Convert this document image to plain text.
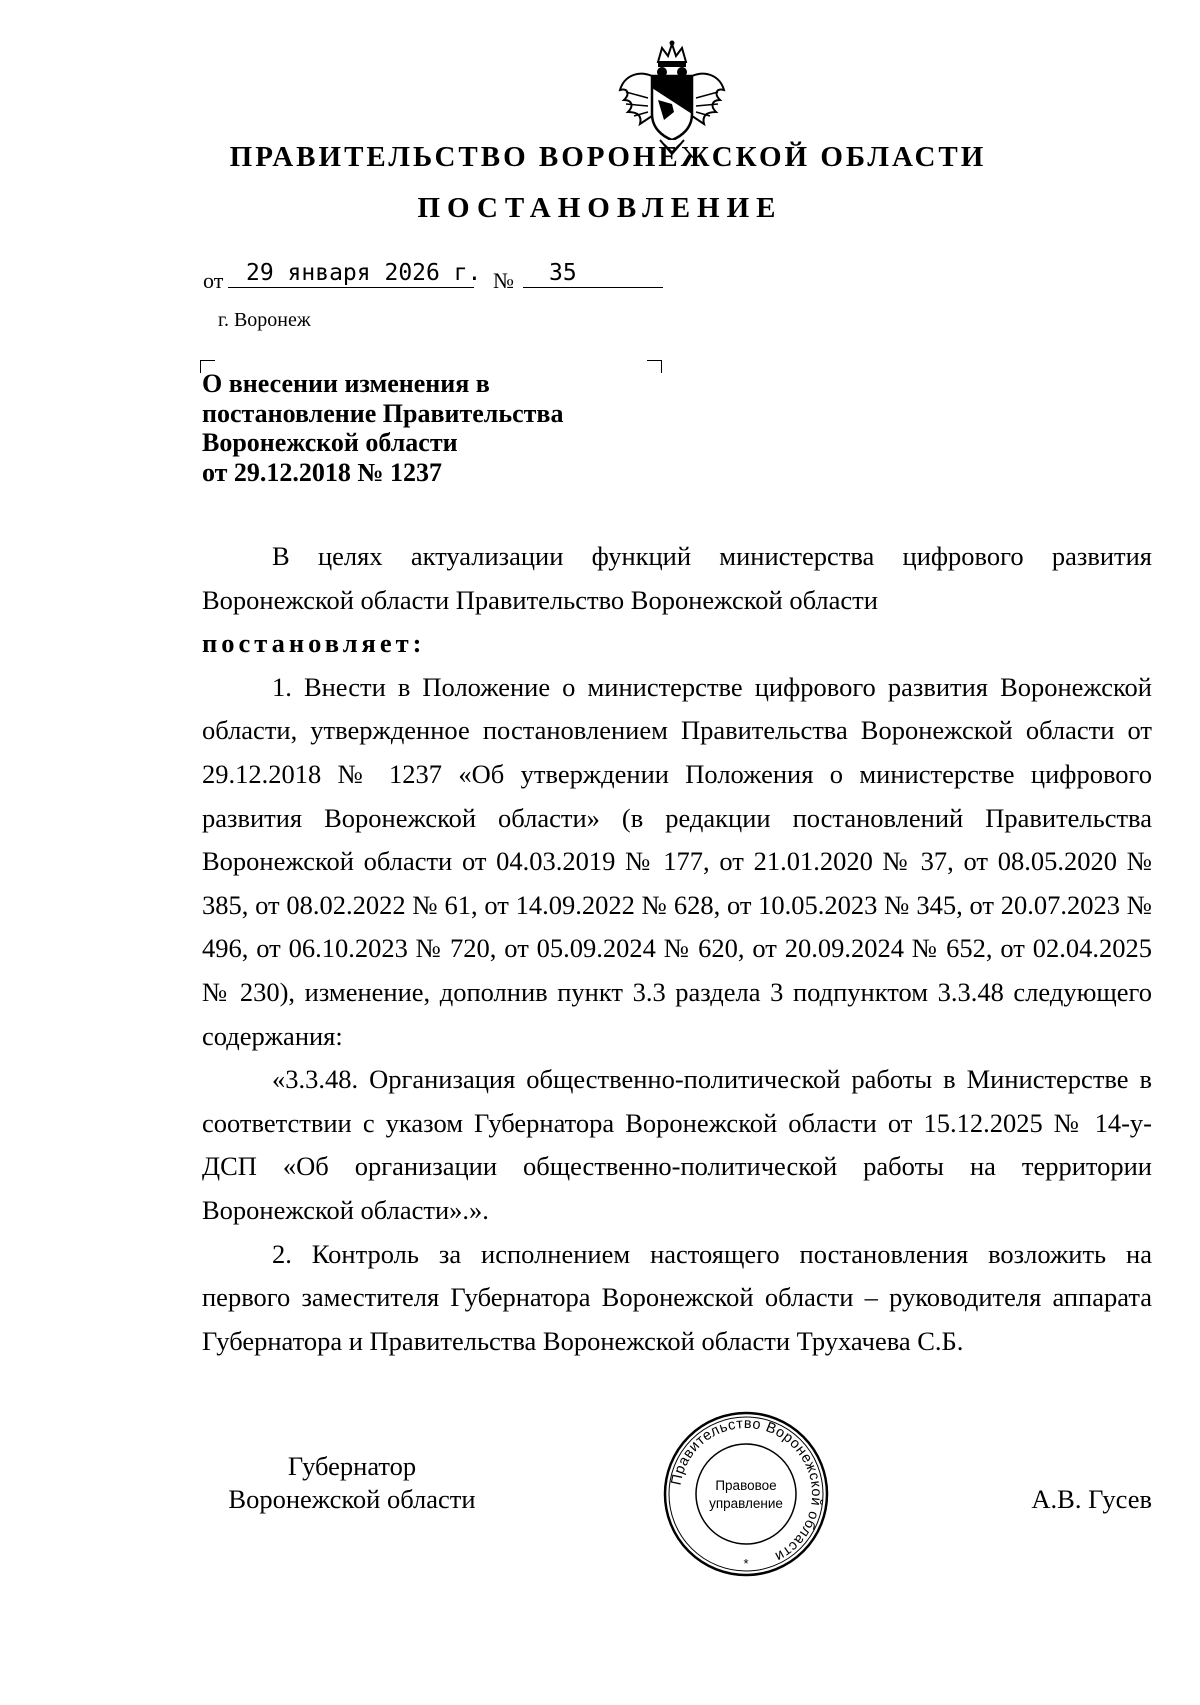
ПРАВИТЕЛЬСТВО ВОРОНЕЖСКОЙ ОБЛАСТИ
ПОСТАНОВЛЕНИЕ
от 29 января 2026 г. №	35
г. Воронеж
О внесении изменения в
постановление Правительства
Воронежской области
от 29.12.2018 № 1237

В целях актуализации функций министерства цифрового развития Воронежской области Правительство Воронежской области

постановляет:

1. Внести в Положение о министерстве цифрового развития Воронежской области, утвержденное постановлением Правительства Воронежской области от 29.12.2018 № 1237 «Об утверждении Положения о министерстве цифрового развития Воронежской области» (в редакции постановлений Правительства Воронежской области от 04.03.2019 № 177, от 21.01.2020 № 37, от 08.05.2020 № 385, от 08.02.2022 № 61, от 14.09.2022 № 628, от 10.05.2023 № 345, от 20.07.2023 № 496, от 06.10.2023 № 720, от 05.09.2024 № 620, от 20.09.2024 № 652, от 02.04.2025 № 230), изменение, дополнив пункт 3.3 раздела 3 подпунктом 3.3.48 следующего содержания:

«3.3.48. Организация общественно-политической работы в Министерстве в соответствии с указом Губернатора Воронежской области от 15.12.2025 № 14-у-ДСП «Об организации общественно-политической работы на территории Воронежской области».».

2. Контроль за исполнением настоящего постановления возложить на первого заместителя Губернатора Воронежской области – руководителя аппарата Губернатора и Правительства Воронежской области Трухачева С.Б.

Губернатор
Воронежской области	А.В. Гусев
Правительство Воронежской области
Правовое
управление
*
